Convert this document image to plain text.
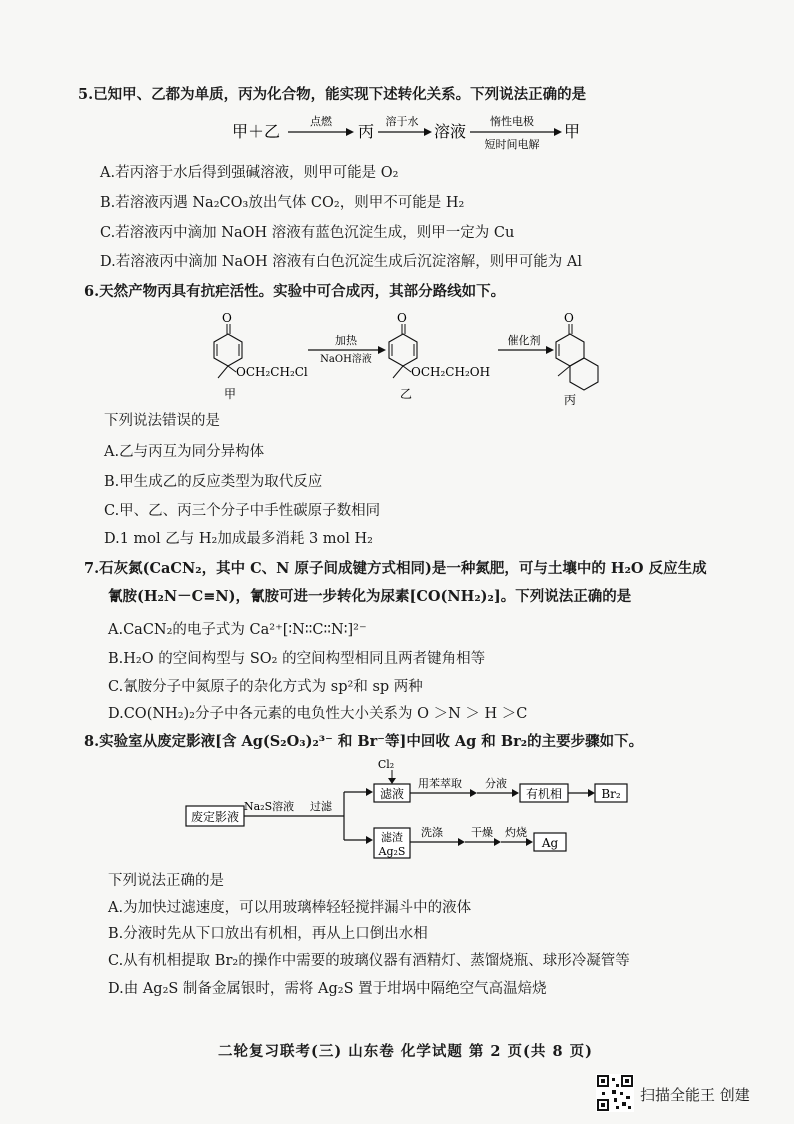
5.已知甲、乙都为单质，丙为化合物，能实现下述转化关系。下列说法正确的是
甲＋乙
点燃
丙
溶于水
溶液
惰性电极
短时间电解
甲
A.若丙溶于水后得到强碱溶液，则甲可能是 O₂
B.若溶液丙遇 Na₂CO₃放出气体 CO₂，则甲不可能是 H₂
C.若溶液丙中滴加 NaOH 溶液有蓝色沉淀生成，则甲一定为 Cu
D.若溶液丙中滴加 NaOH 溶液有白色沉淀生成后沉淀溶解，则甲可能为 Al
6.天然产物丙具有抗疟活性。实验中可合成丙，其部分路线如下。
O
OCH₂CH₂Cl
甲
加热
NaOH溶液
O
OCH₂CH₂OH
乙
催化剂
O
丙
下列说法错误的是
A.乙与丙互为同分异构体
B.甲生成乙的反应类型为取代反应
C.甲、乙、丙三个分子中手性碳原子数相同
D.1 mol 乙与 H₂加成最多消耗 3 mol H₂
7.石灰氮(CaCN₂，其中 C、N 原子间成键方式相同)是一种氮肥，可与土壤中的 H₂O 反应生成
氰胺(H₂N－C≡N)，氰胺可进一步转化为尿素[CO(NH₂)₂]。下列说法正确的是
A.CaCN₂的电子式为 Ca²⁺[∶N∶∶C∶∶N∶]²⁻
B.H₂O 的空间构型与 SO₂ 的空间构型相同且两者键角相等
C.氰胺分子中氮原子的杂化方式为 sp²和 sp 两种
D.CO(NH₂)₂分子中各元素的电负性大小关系为 O ＞N ＞ H ＞C
8.实验室从废定影液[含 Ag(S₂O₃)₂³⁻ 和 Br⁻等]中回收 Ag 和 Br₂的主要步骤如下。
废定影液
Na₂S溶液 过滤
Cl₂
滤液
用苯萃取 分液
有机相	Br₂
滤渣
Ag₂S
洗涤	干燥 灼烧
Ag
下列说法正确的是
A.为加快过滤速度，可以用玻璃棒轻轻搅拌漏斗中的液体
B.分液时先从下口放出有机相，再从上口倒出水相
C.从有机相提取 Br₂的操作中需要的玻璃仪器有酒精灯、蒸馏烧瓶、球形冷凝管等
D.由 Ag₂S 制备金属银时，需将 Ag₂S 置于坩埚中隔绝空气高温焙烧
二轮复习联考(三) 山东卷 化学试题 第 2 页(共 8 页)
扫描全能王 创建
